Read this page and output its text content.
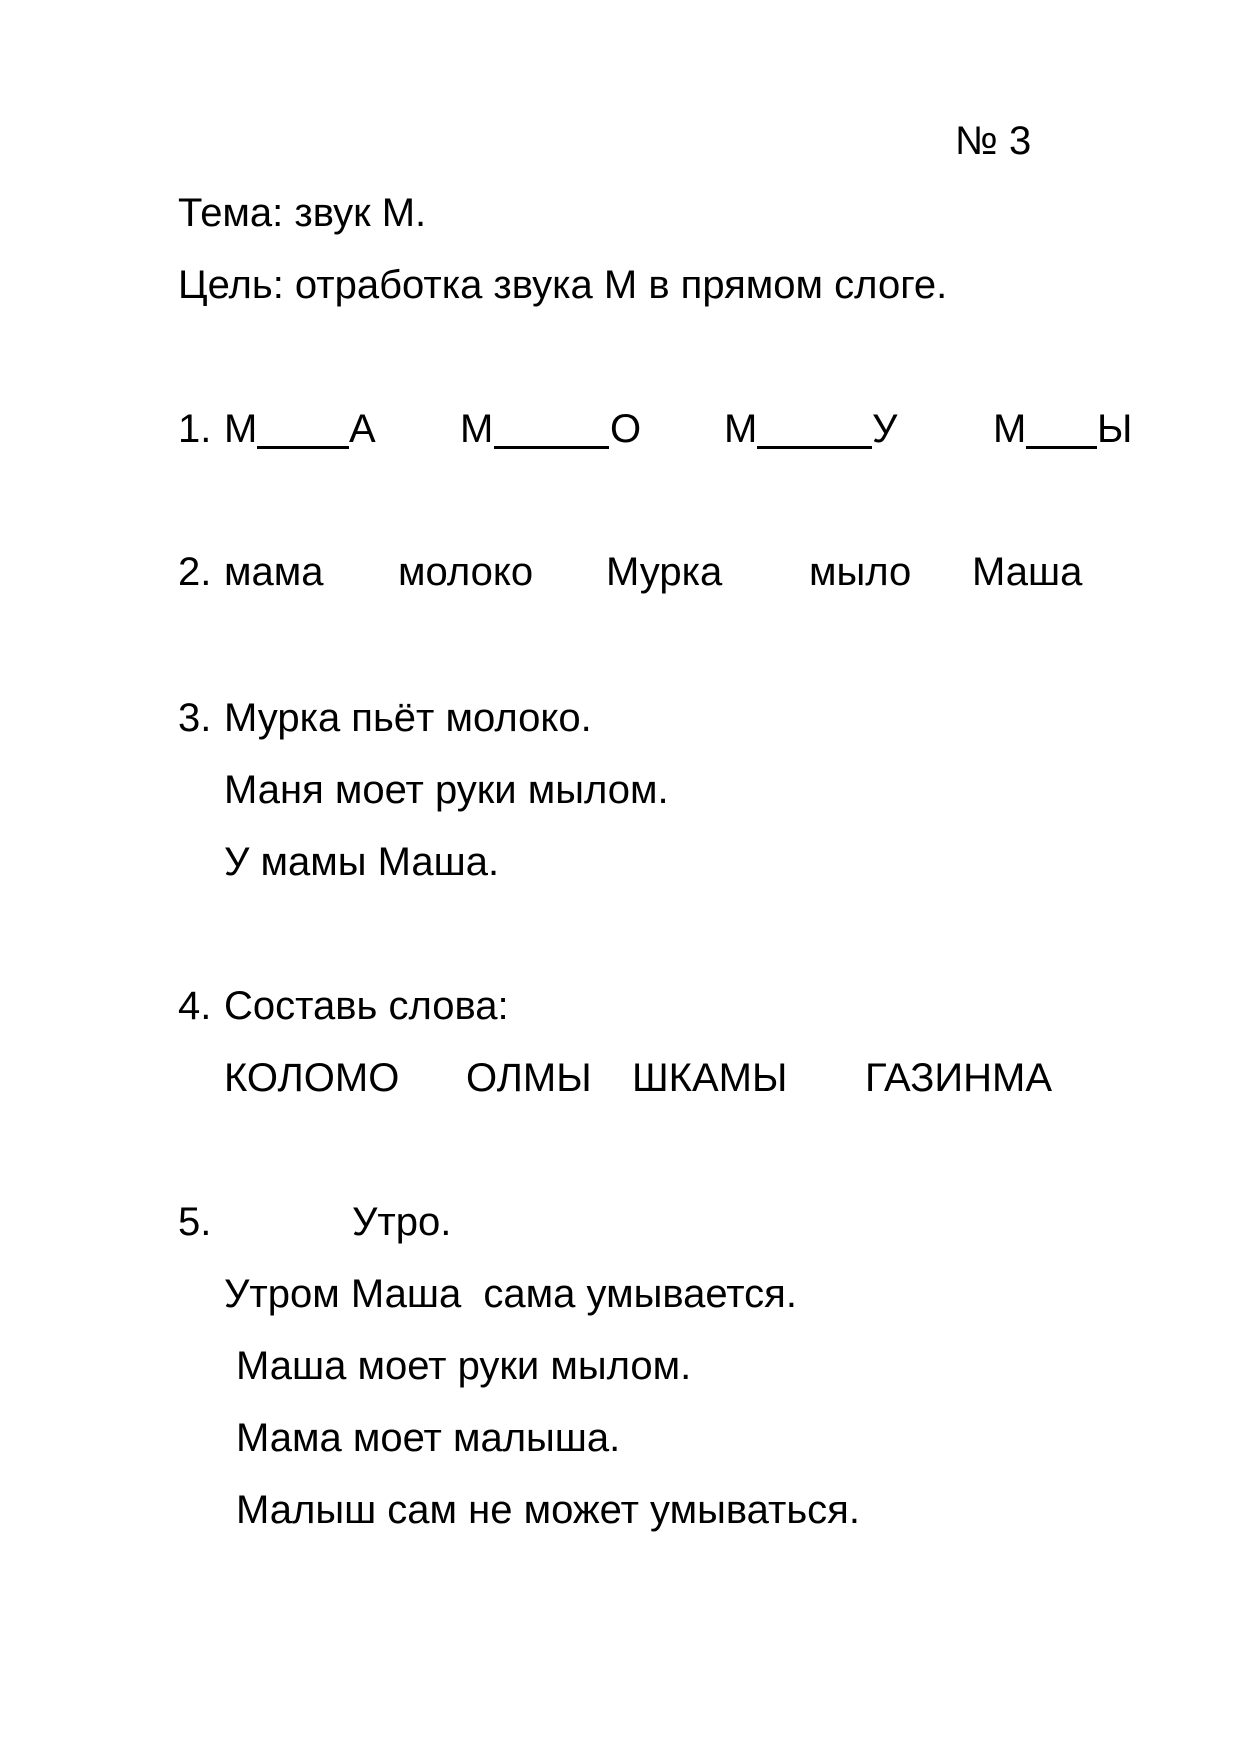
№ 3
Тема: звук М.
Цель: отработка звука М в прямом слоге.
1. М А М	О М	У М Ы
2. мама молоко Мурка мыло Маша
3. Мурка пьёт молоко.
Маня моет руки мылом.
У мамы Маша.
4. Составь слова:
КОЛОМО ОЛМЫ ШКАМЫ ГАЗИНМА
5.	Утро.
Утром Маша  сама умывается.
Маша моет руки мылом.
Мама моет малыша.
Малыш сам не может умываться.
